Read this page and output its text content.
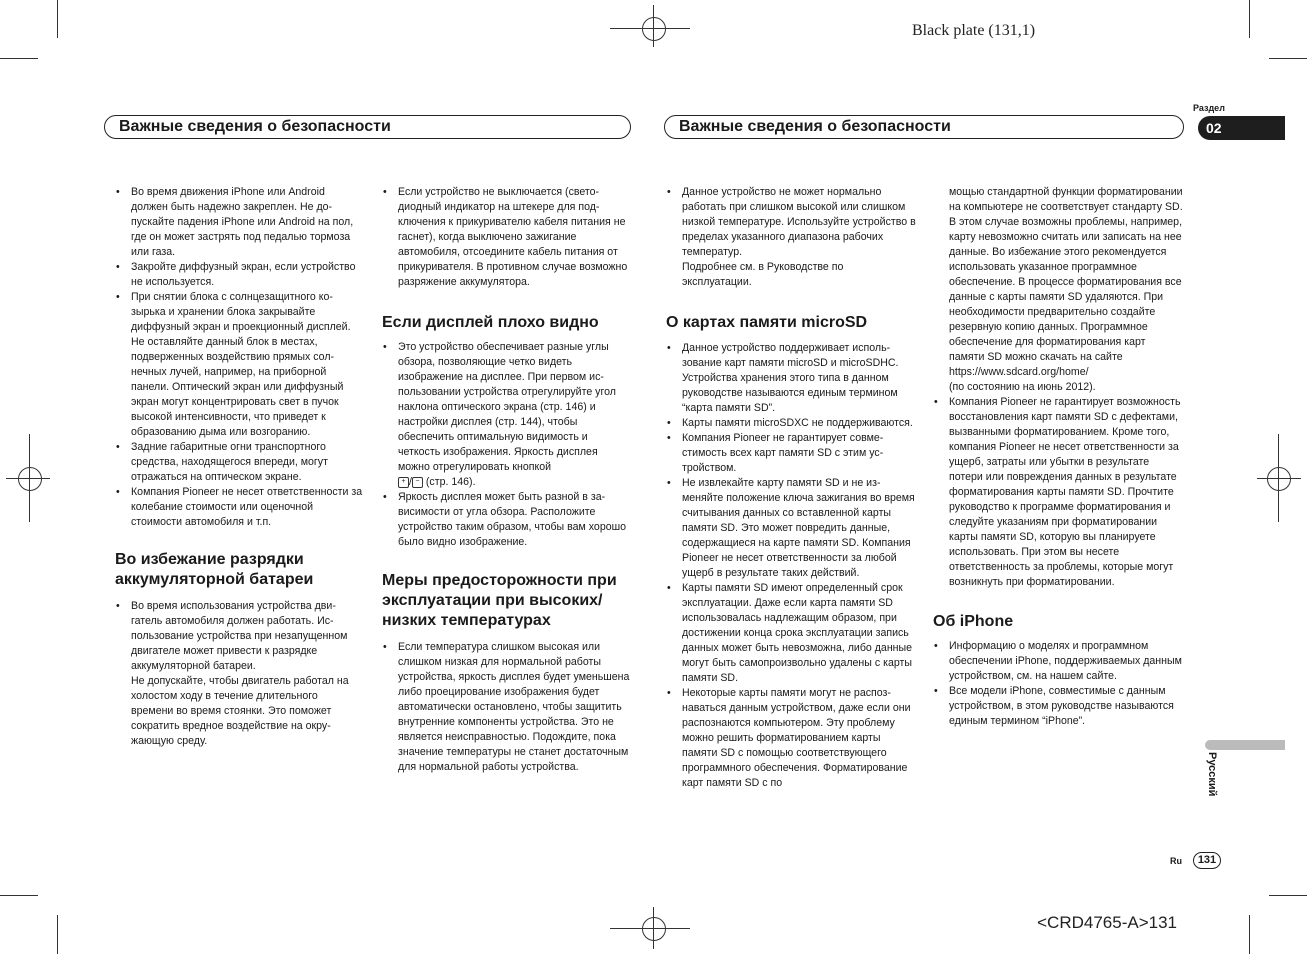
Black plate (131,1)
<CRD4765-A>131
Важные сведения о безопасности	Важные сведения о безопасности
Раздел
02
Русский
Ru	131
• Во время движения iPhone или Android должен быть надежно закреплен. Не допускайте падения iPhone или Android на пол, где он может застрять под педалью тормоза или газа.
• Закройте диффузный экран, если устройство не используется.
• При снятии блока с солнцезащитного козырька и хранении блока закрывайте диффузный экран и проекционный дисплей.
Не оставляйте данный блок в местах, подверженных воздействию прямых солнечных лучей, например, на приборной панели. Оптический экран или диффузный экран могут концентрировать свет в пучок высокой интенсивности, что приведет к образованию дыма или возгоранию.
• Задние габаритные огни транспортного средства, находящегося впереди, могут отражаться на оптическом экране.
• Компания Pioneer не несет ответственности за колебание стоимости или оценочной стоимости автомобиля и т.п.
Во избежание разрядки аккумуляторной батареи
• Во время использования устройства двигатель автомобиля должен работать. Использование устройства при незапущенном двигателе может привести к разрядке аккумуляторной батареи.
Не допускайте, чтобы двигатель работал на холостом ходу в течение длительного времени во время стоянки. Это поможет сократить вредное воздействие на окружающую среду.
• Если устройство не выключается (светодиодный индикатор на штекере для подключения к прикуривателю кабеля питания не гаснет), когда выключено зажигание автомобиля, отсоедините кабель питания от прикуривателя. В противном случае возможно разряжение аккумулятора.
Если дисплей плохо видно
• Это устройство обеспечивает разные углы обзора, позволяющие четко видеть изображение на дисплее. При первом использовании устройства отрегулируйте угол наклона оптического экрана (стр. 146) и настройки дисплея (стр. 144), чтобы обеспечить оптимальную видимость и четкость изображения. Яркость дисплея можно отрегулировать кнопкой
+ / − (стр. 146).
• Яркость дисплея может быть разной в зависимости от угла обзора. Расположите устройство таким образом, чтобы вам хорошо было видно изображение.
Меры предосторожности при эксплуатации при высоких/ низких температурах
• Если температура слишком высокая или слишком низкая для нормальной работы устройства, яркость дисплея будет уменьшена либо проецирование изображения будет автоматически остановлено, чтобы защитить внутренние компоненты устройства. Это не является неисправностью. Подождите, пока значение температуры не станет достаточным для нормальной работы устройства.
• Данное устройство не может нормально работать при слишком высокой или слишком низкой температуре. Используйте устройство в пределах указанного диапазона рабочих температур.
Подробнее см. в Руководстве по эксплуатации.
О картах памяти microSD
• Данное устройство поддерживает использование карт памяти microSD и microSDHC. Устройства хранения этого типа в данном руководстве называются единым термином “карта памяти SD”.
• Карты памяти microSDXC не поддерживаются.
• Компания Pioneer не гарантирует совместимость всех карт памяти SD с этим устройством.
• Не извлекайте карту памяти SD и не изменяйте положение ключа зажигания во время считывания данных со вставленной карты памяти SD. Это может повредить данные, содержащиеся на карте памяти SD. Компания Pioneer не несет ответственности за любой ущерб в результате таких действий.
• Карты памяти SD имеют определенный срок эксплуатации. Даже если карта памяти SD использовалась надлежащим образом, при достижении конца срока эксплуатации запись данных может быть невозможна, либо данные могут быть самопроизвольно удалены с карты памяти SD.
• Некоторые карты памяти могут не распознаваться данным устройством, даже если они распознаются компьютером. Эту проблему можно решить форматированием карты памяти SD с помощью соответствующего программного обеспечения. Форматирование карт памяти SD с по

мощью стандартной функции форматировании на компьютере не соответствует стандарту SD. В этом случае возможны проблемы, например, карту невозможно считать или записать на нее данные. Во избежание этого рекомендуется использовать указанное программное обеспечение. В процессе форматирования все данные с карты памяти SD удаляются. При необходимости предварительно создайте резервную копию данных. Программное обеспечение для форматирования карт памяти SD можно скачать на сайте
https://www.sdcard.org/home/
(по состоянию на июнь 2012).

• Компания Pioneer не гарантирует возможность восстановления карт памяти SD с дефектами, вызванными форматированием. Кроме того, компания Pioneer не несет ответственности за ущерб, затраты или убытки в результате потери или повреждения данных в результате форматирования карты памяти SD. Прочтите руководство к программе форматирования и следуйте указаниям при форматировании карты памяти SD, которую вы планируете использовать. При этом вы несете ответственность за проблемы, которые могут возникнуть при форматировании.
Об iPhone
• Информацию о моделях и программном обеспечении iPhone, поддерживаемых данным устройством, см. на нашем сайте.
• Все модели iPhone, совместимые с данным устройством, в этом руководстве называются единым термином “iPhone”.
